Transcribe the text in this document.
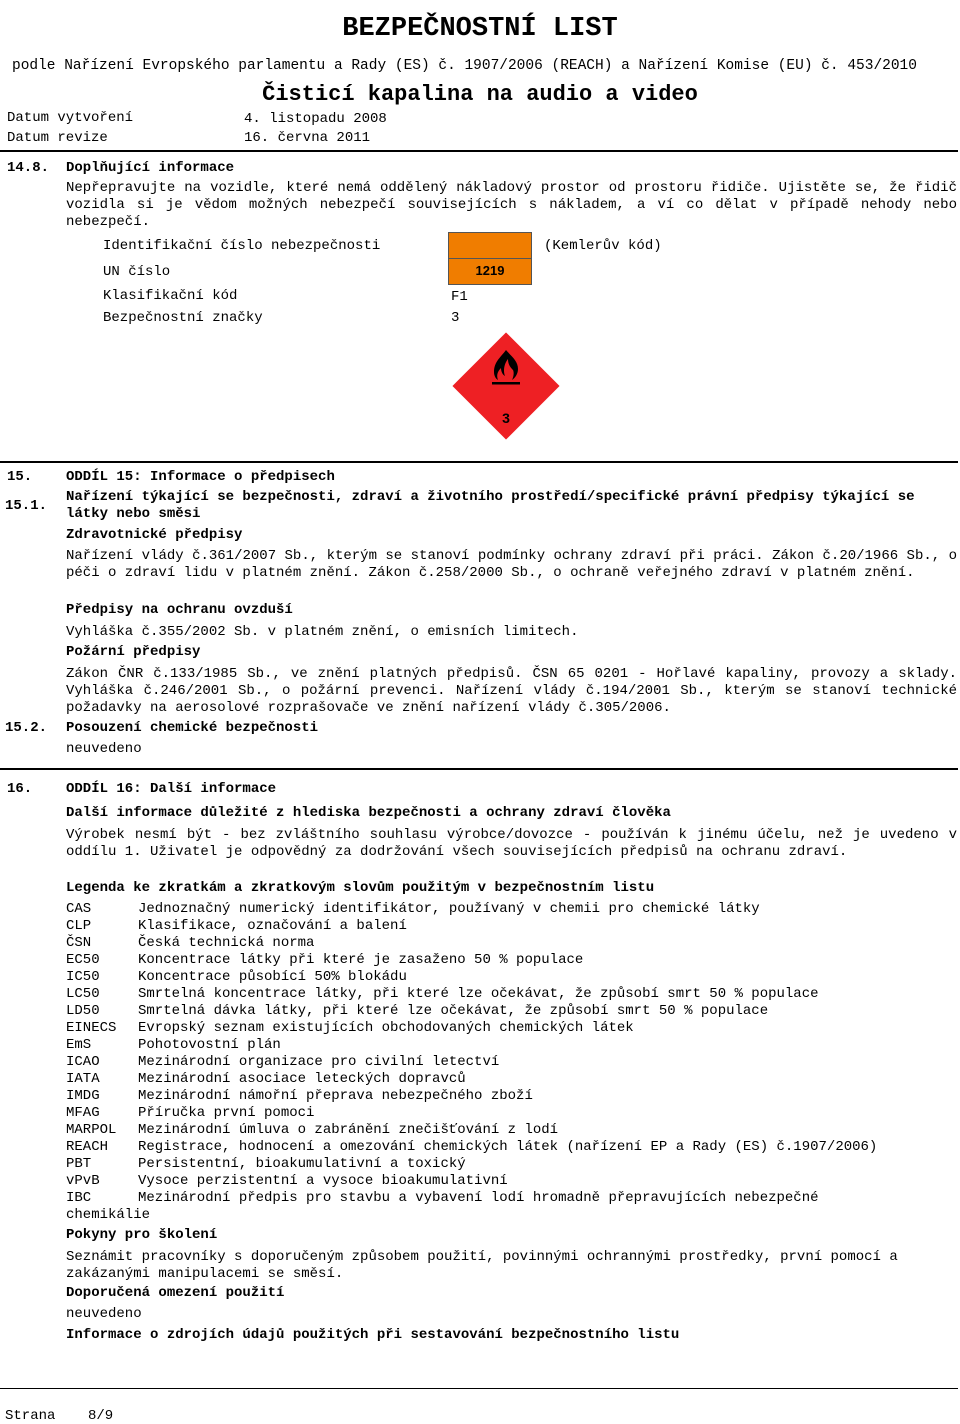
BEZPEČNOSTNÍ LIST
podle Nařízení Evropského parlamentu a Rady (ES) č. 1907/2006 (REACH) a Nařízení Komise (EU) č. 453/2010
Čisticí kapalina na audio a video
Datum vytvoření	4. listopadu 2008
Datum revize	16. června 2011
14.8. Doplňující informace
Nepřepravujte na vozidle, které nemá oddělený nákladový prostor od prostoru řidiče. Ujistěte se, že řidič vozidla si je vědom možných nebezpečí souvisejících s nákladem, a ví co dělat v případě nehody nebo nebezpečí.
Identifikační číslo nebezpečnosti	(Kemlerův kód)
UN číslo	1219
Klasifikační kód	F1
Bezpečnostní značky	3
3
15. ODDÍL 15: Informace o předpisech
15.1.
Nařízení týkající se bezpečnosti, zdraví a životního prostředí/specifické právní předpisy týkající se látky nebo směsi
Zdravotnické předpisy
Nařízení vlády č.361/2007 Sb., kterým se stanoví podmínky ochrany zdraví při práci. Zákon č.20/1966 Sb., o péči o zdraví lidu v platném znění. Zákon č.258/2000 Sb., o ochraně veřejného zdraví v platném znění.
Předpisy na ochranu ovzduší
Vyhláška č.355/2002 Sb. v platném znění, o emisních limitech.
Požární předpisy
Zákon ČNR č.133/1985 Sb., ve znění platných předpisů. ČSN 65 0201 - Hořlavé kapaliny, provozy a sklady. Vyhláška č.246/2001 Sb., o požární prevenci. Nařízení vlády č.194/2001 Sb., kterým se stanoví technické požadavky na aerosolové rozprašovače ve znění nařízení vlády č.305/2006.
15.2. Posouzení chemické bezpečnosti
neuvedeno
16. ODDÍL 16: Další informace
Další informace důležité z hlediska bezpečnosti a ochrany zdraví člověka
Výrobek nesmí být - bez zvláštního souhlasu výrobce/dovozce - používán k jinému účelu, než je uvedeno v oddílu 1. Uživatel je odpovědný za dodržování všech souvisejících předpisů na ochranu zdraví.
Legenda ke zkratkám a zkratkovým slovům použitým v bezpečnostním listu
CAS	Jednoznačný numerický identifikátor, používaný v chemii pro chemické látky
CLP	Klasifikace, označování a balení
ČSN	Česká technická norma
EC50	Koncentrace látky při které je zasaženo 50 % populace
IC50	Koncentrace působící 50% blokádu
LC50	Smrtelná koncentrace látky, při které lze očekávat, že způsobí smrt 50 % populace
LD50	Smrtelná dávka látky, při které lze očekávat, že způsobí smrt 50 % populace
EINECS Evropský seznam existujících obchodovaných chemických látek
EmS	Pohotovostní plán
ICAO	Mezinárodní organizace pro civilní letectví
IATA	Mezinárodní asociace leteckých dopravců
IMDG	Mezinárodní námořní přeprava nebezpečného zboží
MFAG	Příručka první pomoci
MARPOL Mezinárodní úmluva o zabránění znečišťování z lodí
REACH Registrace, hodnocení a omezování chemických látek (nařízení EP a Rady (ES) č.1907/2006)
PBT	Persistentní, bioakumulativní a toxický
vPvB	Vysoce perzistentní a vysoce bioakumulativní
IBC	Mezinárodní předpis pro stavbu a vybavení lodí hromadně přepravujících nebezpečné
chemikálie
Pokyny pro školení
Seznámit pracovníky s doporučeným způsobem použití, povinnými ochrannými prostředky, první pomocí a zakázanými manipulacemi se směsí.
Doporučená omezení použití
neuvedeno
Informace o zdrojích údajů použitých při sestavování bezpečnostního listu
Strana 8/9
